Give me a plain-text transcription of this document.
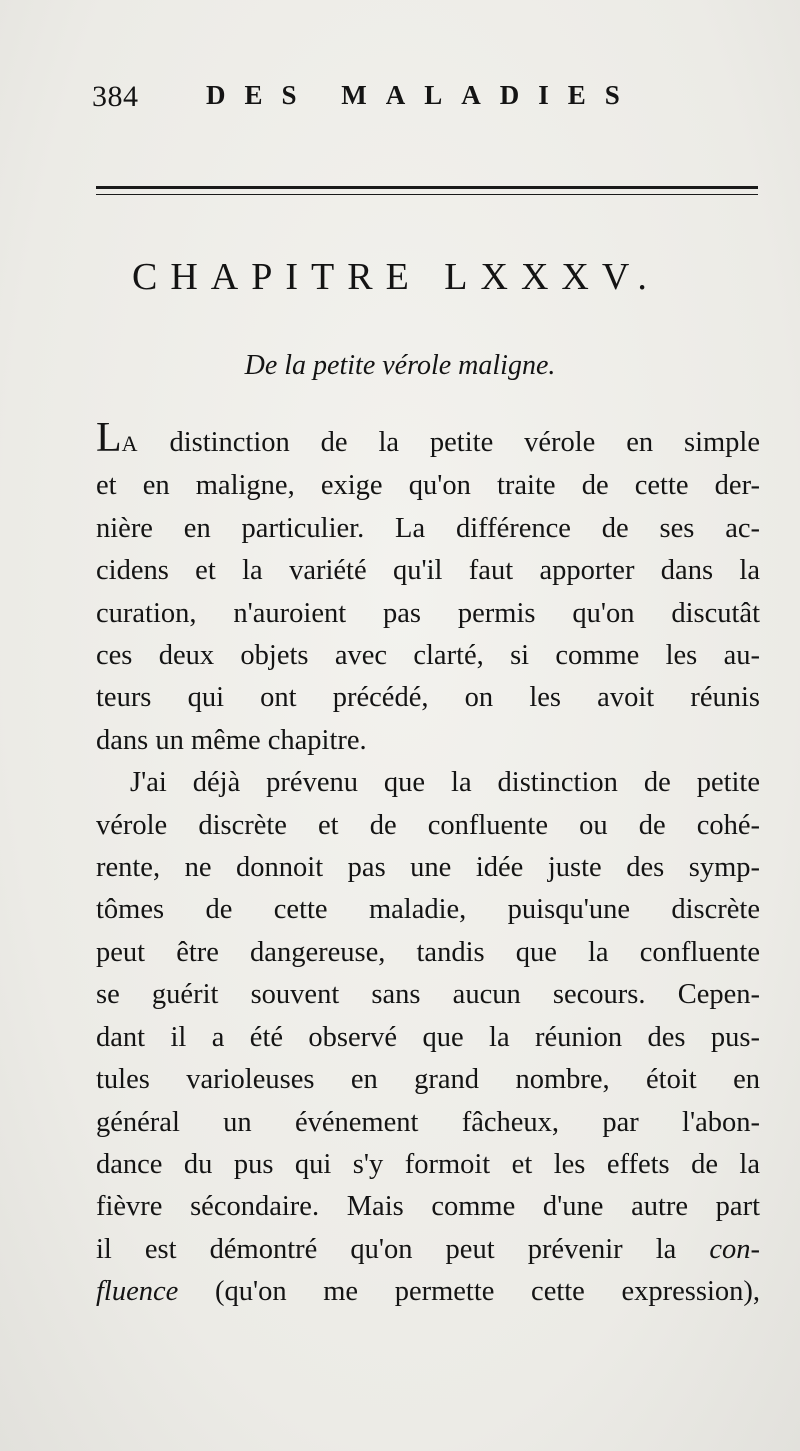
384	DES MALADIES
CHAPITRE LXXXV.
De la petite vérole maligne.
LA distinction de la petite vérole en simple
et en maligne, exige qu'on traite de cette der-
nière en particulier. La différence de ses ac-
cidens et la variété qu'il faut apporter dans la
curation, n'auroient pas permis qu'on discutât
ces deux objets avec clarté, si comme les au-
teurs qui ont précédé, on les avoit réunis
dans un même chapitre.
J'ai déjà prévenu que la distinction de petite
vérole discrète et de confluente ou de cohé-
rente, ne donnoit pas une idée juste des symp-
tômes de cette maladie, puisqu'une discrète
peut être dangereuse, tandis que la confluente
se guérit souvent sans aucun secours. Cepen-
dant il a été observé que la réunion des pus-
tules varioleuses en grand nombre, étoit en
général un événement fâcheux, par l'abon-
dance du pus qui s'y formoit et les effets de la
fièvre sécondaire. Mais comme d'une autre part
il est démontré qu'on peut prévenir la con-
fluence (qu'on me permette cette expression),
